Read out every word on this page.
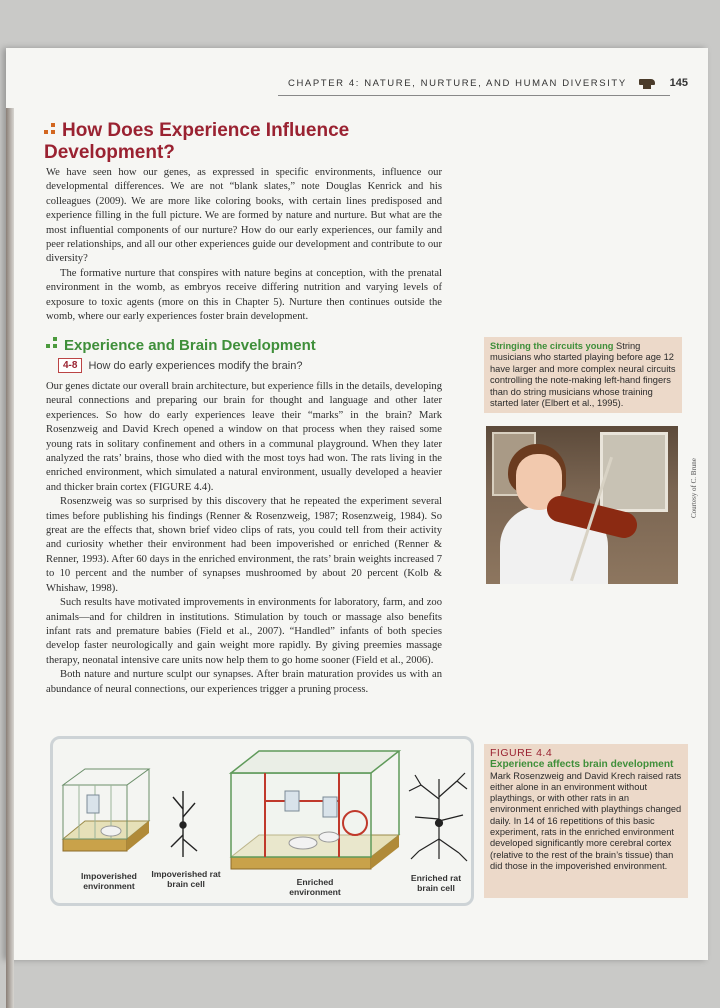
CHAPTER 4: NATURE, NURTURE, AND HUMAN DIVERSITY	145
How Does Experience Influence Development?

We have seen how our genes, as expressed in specific environments, influence our developmental differences. We are not “blank slates,” note Douglas Kenrick and his colleagues (2009). We are more like coloring books, with certain lines predisposed and experience filling in the full picture. We are formed by nature and nurture. But what are the most influential components of our nurture? How do our early experiences, our family and peer relationships, and all our other experiences guide our development and contribute to our diversity?

The formative nurture that conspires with nature begins at conception, with the prenatal environment in the womb, as embryos receive differing nutrition and varying levels of exposure to toxic agents (more on this in Chapter 5). Nurture then continues outside the womb, where our early experiences foster brain development.

Experience and Brain Development
4-8	How do early experiences modify the brain?

Our genes dictate our overall brain architecture, but experience fills in the details, developing neural connections and preparing our brain for thought and language and other later experiences. So how do early experiences leave their “marks” in the brain? Mark Rosenzweig and David Krech opened a window on that process when they raised some young rats in solitary confinement and others in a communal playground. When they later analyzed the rats’ brains, those who died with the most toys had won. The rats living in the enriched environment, which simulated a natural environment, usually developed a heavier and thicker brain cortex (FIGURE 4.4).

Rosenzweig was so surprised by this discovery that he repeated the experiment several times before publishing his findings (Renner & Rosenzweig, 1987; Rosenzweig, 1984). So great are the effects that, shown brief video clips of rats, you could tell from their activity and curiosity whether their environment had been impoverished or enriched (Renner & Renner, 1993). After 60 days in the enriched environment, the rats’ brain weights increased 7 to 10 percent and the number of synapses mushroomed by about 20 percent (Kolb & Whishaw, 1998).

Such results have motivated improvements in environments for laboratory, farm, and zoo animals—and for children in institutions. Stimulation by touch or massage also benefits infant rats and premature babies (Field et al., 2007). “Handled” infants of both species develop faster neurologically and gain weight more rapidly. By giving preemies massage therapy, neonatal intensive care units now help them to go home sooner (Field et al., 2006).

Both nature and nurture sculpt our synapses. After brain maturation provides us with an abundance of neural connections, our experiences trigger a pruning process.

Stringing the circuits young String musicians who started playing before age 12 have larger and more complex neural circuits controlling the note-making left-hand fingers than do string musicians whose training started later (Elbert et al., 1995).
Courtesy of C. Brune
Impoverished environment
Impoverished rat brain cell	Enriched environment
Enriched rat brain cell
FIGURE 4.4
Experience affects brain development
Mark Rosenzweig and David Krech raised rats either alone in an environment without playthings, or with other rats in an environment enriched with playthings changed daily. In 14 of 16 repetitions of this basic experiment, rats in the enriched environment developed significantly more cerebral cortex (relative to the rest of the brain’s tissue) than did those in the impoverished environment.
